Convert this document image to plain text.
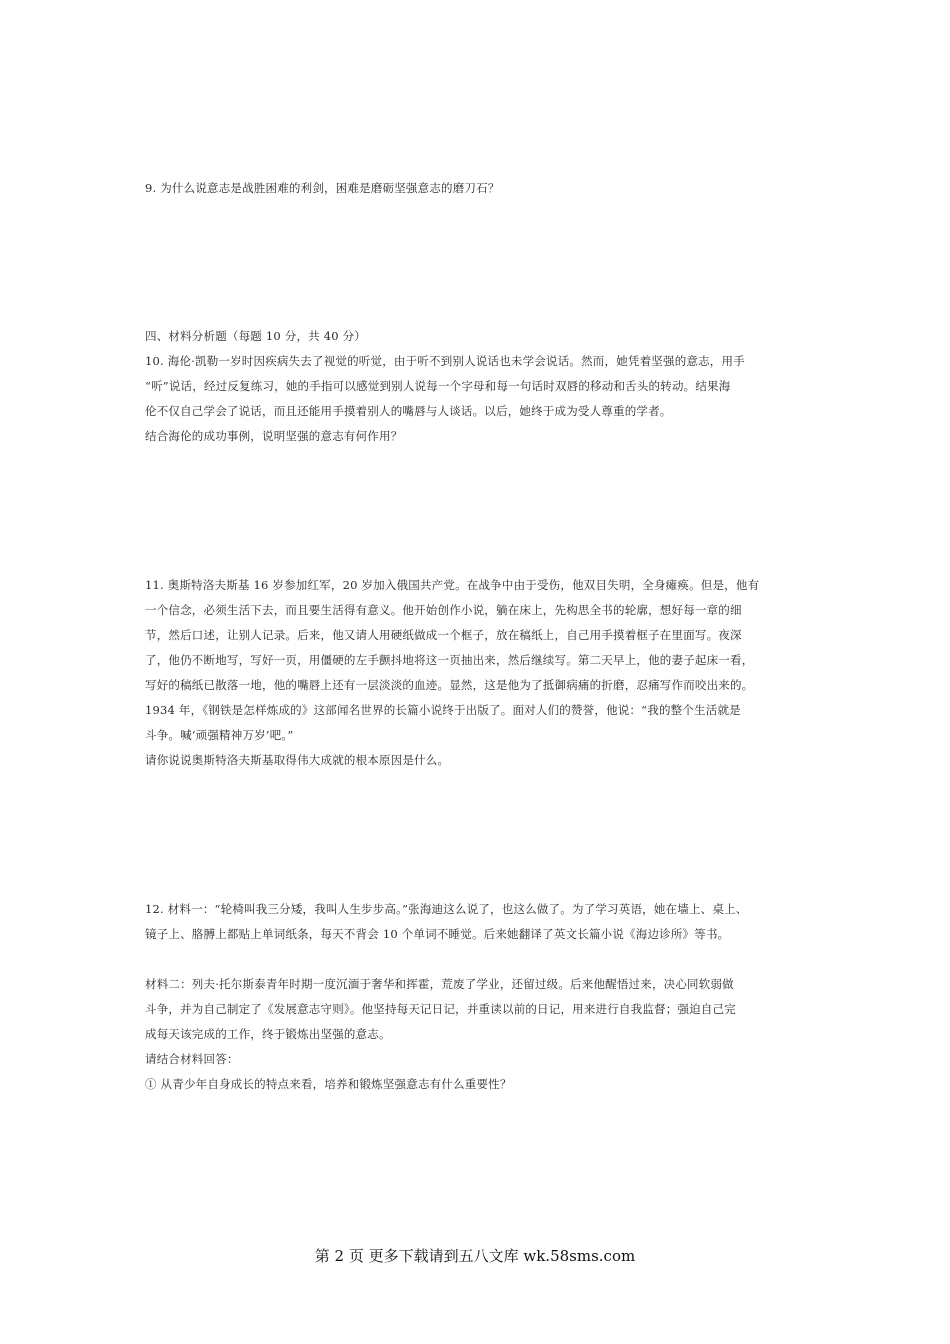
9. 为什么说意志是战胜困难的利剑，困难是磨砺坚强意志的磨刀石？
四、材料分析题（每题 10 分，共 40 分）
10. 海伦·凯勒一岁时因疾病失去了视觉的听觉，由于听不到别人说话也未学会说话。然而，她凭着坚强的意志，用手
“听”说话，经过反复练习，她的手指可以感觉到别人说每一个字母和每一句话时双唇的移动和舌头的转动。结果海
伦不仅自己学会了说话，而且还能用手摸着别人的嘴唇与人谈话。以后，她终于成为受人尊重的学者。
结合海伦的成功事例，说明坚强的意志有何作用？
11. 奥斯特洛夫斯基 16 岁参加红军，20 岁加入俄国共产党。在战争中由于受伤，他双目失明，全身瘫痪。但是，他有
一个信念，必须生活下去，而且要生活得有意义。他开始创作小说，躺在床上，先构思全书的轮廓，想好每一章的细
节，然后口述，让别人记录。后来，他又请人用硬纸做成一个框子，放在稿纸上，自己用手摸着框子在里面写。夜深
了，他仍不断地写，写好一页，用僵硬的左手颤抖地将这一页抽出来，然后继续写。第二天早上，他的妻子起床一看，
写好的稿纸已散落一地，他的嘴唇上还有一层淡淡的血迹。显然，这是他为了抵御病痛的折磨，忍痛写作而咬出来的。
1934 年，《钢铁是怎样炼成的》这部闻名世界的长篇小说终于出版了。面对人们的赞誉，他说：“我的整个生活就是
斗争。喊‘顽强精神万岁’吧。”
请你说说奥斯特洛夫斯基取得伟大成就的根本原因是什么。
12. 材料一：“轮椅叫我三分矮，我叫人生步步高。”张海迪这么说了，也这么做了。为了学习英语，她在墙上、桌上、
镜子上、胳膊上都贴上单词纸条，每天不背会 10 个单词不睡觉。后来她翻译了英文长篇小说《海边诊所》等书。
材料二：列夫·托尔斯泰青年时期一度沉湎于奢华和挥霍，荒废了学业，还留过级。后来他醒悟过来，决心同软弱做
斗争，并为自己制定了《发展意志守则》。他坚持每天记日记，并重读以前的日记，用来进行自我监督；强迫自己完
成每天该完成的工作，终于锻炼出坚强的意志。
请结合材料回答：
① 从青少年自身成长的特点来看，培养和锻炼坚强意志有什么重要性？
第 2 页 更多下载请到五八文库 wk.58sms.com
